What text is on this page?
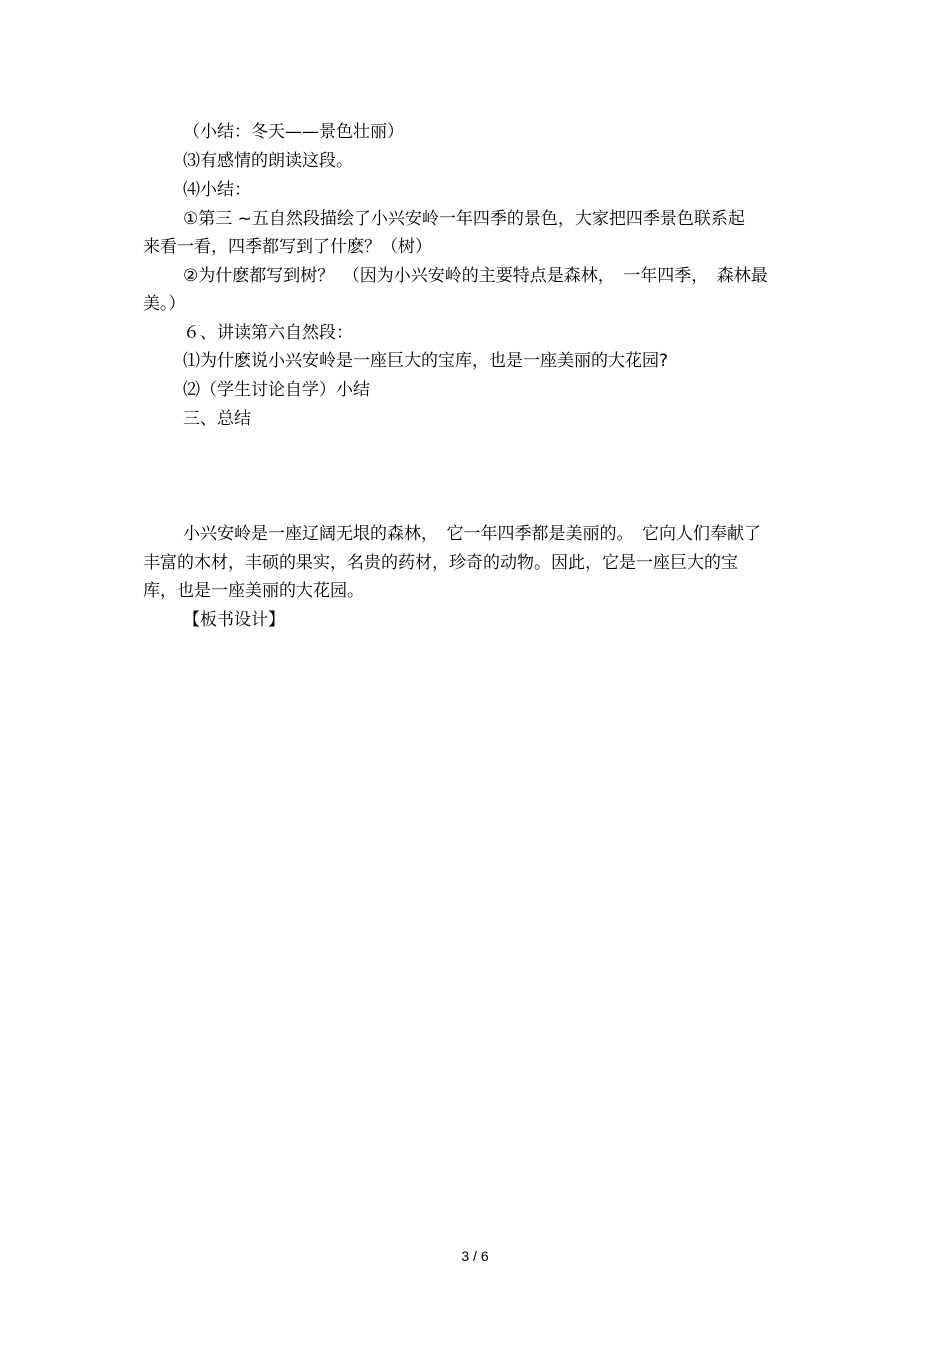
（小结：冬天——景色壮丽）
⑶有感情的朗读这段。
⑷小结：
①第三 ~五自然段描绘了小兴安岭一年四季的景色，大家把四季景色联系起
来看一看，四季都写到了什麽？（树）
②为什麽都写到树？　（因为小兴安岭的主要特点是森林，　一年四季，　森林最
美。）
６、讲读第六自然段：
⑴为什麽说小兴安岭是一座巨大的宝库，也是一座美丽的大花园?
⑵（学生讨论自学）小结
三、总结
小兴安岭是一座辽阔无垠的森林，　它一年四季都是美丽的。　它向人们奉献了
丰富的木材，丰硕的果实，名贵的药材，珍奇的动物。因此，它是一座巨大的宝
库，也是一座美丽的大花园。
【板书设计】
3 / 6
